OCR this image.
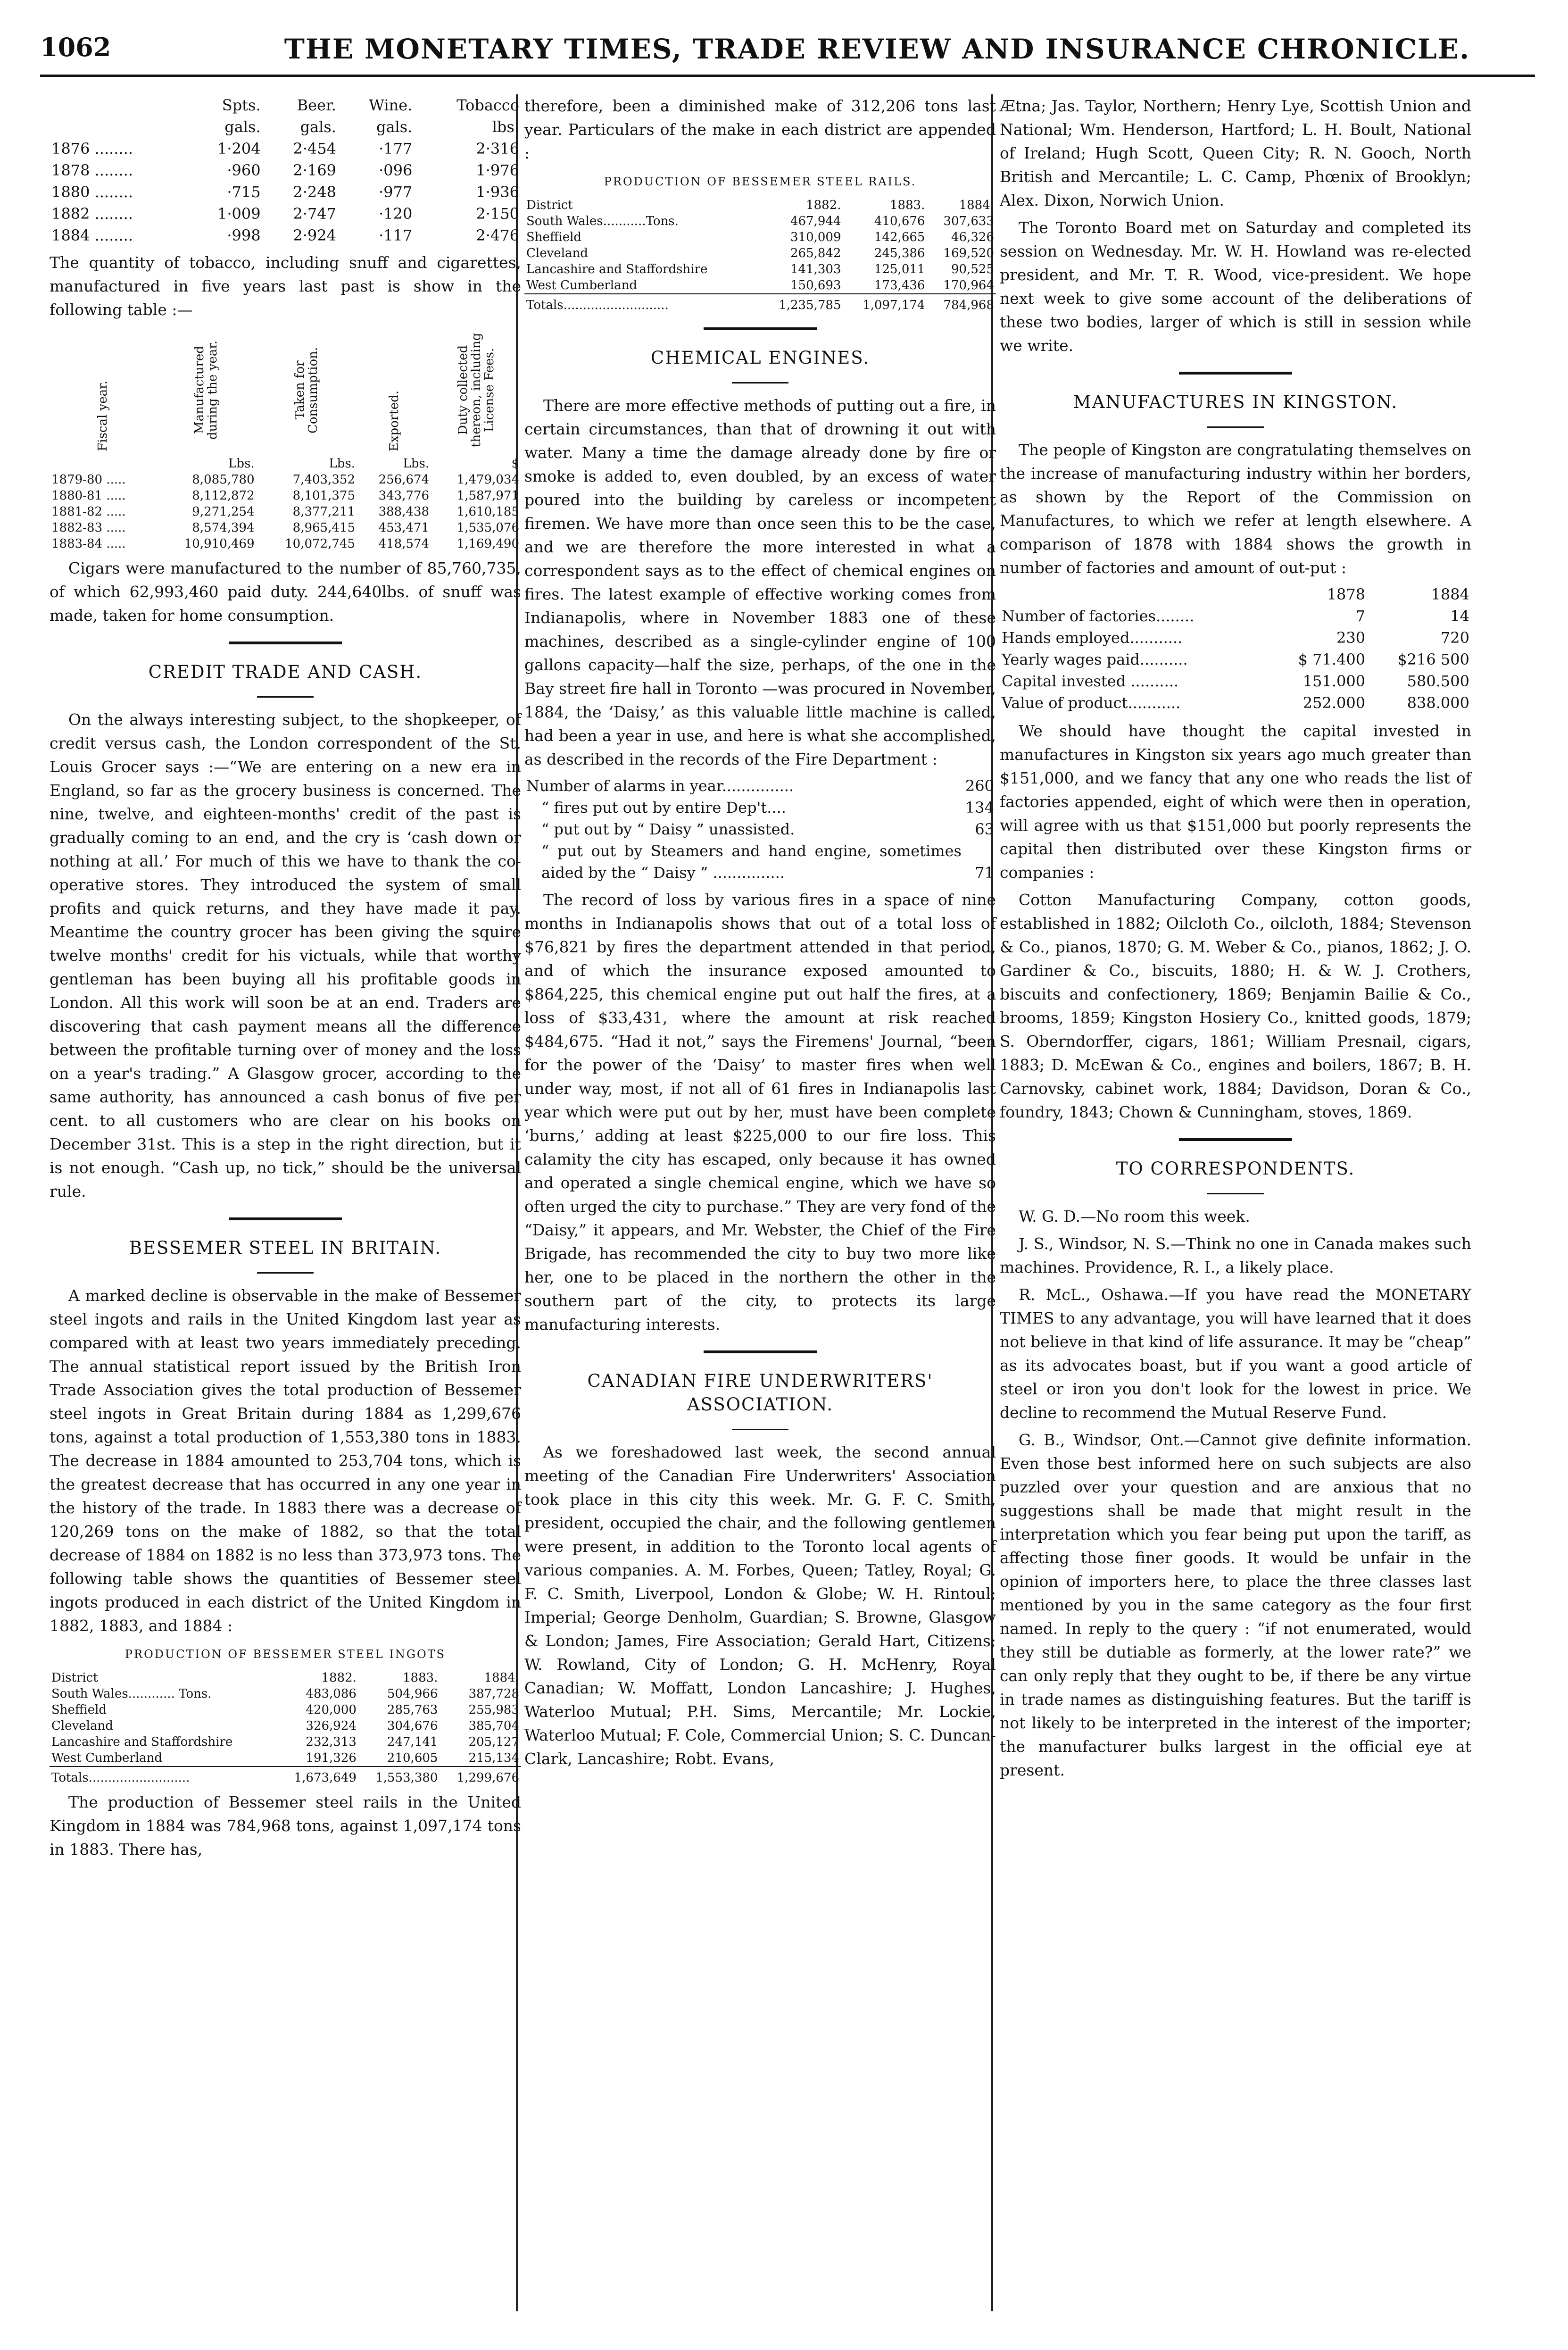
1062	THE MONETARY TIMES, TRADE REVIEW AND INSURANCE CHRONICLE.
	Spts.	Beer.	Wine.	Tobacco
	gals.	gals.	gals.	lbs.
1876 ........	1·204	2·454	·177	2·316
1878 ........	·960	2·169	·096	1·976
1880 ........	·715	2·248	·977	1·936
1882 ........	1·009	2·747	·120	2·150
1884 ........	·998	2·924	·117	2·476

The quantity of tobacco, including snuff and cigarettes, manufactured in five years last past is show in the following table :—

Fiscal year.	Manufactured during the year.	Taken for Consumption.	Exported.	Duty collected thereon, including License Fees.
	Lbs.	Lbs.	Lbs.	$
1879-80 .....	8,085,780	7,403,352	256,674	1,479,034
1880-81 .....	8,112,872	8,101,375	343,776	1,587,971
1881-82 .....	9,271,254	8,377,211	388,438	1,610,185
1882-83 .....	8,574,394	8,965,415	453,471	1,535,076
1883-84 .....	10,910,469	10,072,745	418,574	1,169,490

Cigars were manufactured to the number of 85,760,735, of which 62,993,460 paid duty. 244,640lbs. of snuff was made, taken for home consumption.

CREDIT TRADE AND CASH.

On the always interesting subject, to the shopkeeper, of credit versus cash, the London correspondent of the St. Louis Grocer says :—“We are entering on a new era in England, so far as the grocery business is concerned. The nine, twelve, and eighteen-months' credit of the past is gradually coming to an end, and the cry is ‘cash down or nothing at all.’ For much of this we have to thank the co-operative stores. They introduced the system of small profits and quick returns, and they have made it pay. Meantime the country grocer has been giving the squire twelve months' credit for his victuals, while that worthy gentleman has been buying all his profitable goods in London. All this work will soon be at an end. Traders are discovering that cash payment means all the difference between the profitable turning over of money and the loss on a year's trading.” A Glasgow grocer, according to the same authority, has announced a cash bonus of five per cent. to all customers who are clear on his books on December 31st. This is a step in the right direction, but it is not enough. “Cash up, no tick,” should be the universal rule.

BESSEMER STEEL IN BRITAIN.

A marked decline is observable in the make of Bessemer steel ingots and rails in the United Kingdom last year as compared with at least two years immediately preceding. The annual statistical report issued by the British Iron Trade Association gives the total production of Bessemer steel ingots in Great Britain during 1884 as 1,299,676 tons, against a total production of 1,553,380 tons in 1883. The decrease in 1884 amounted to 253,704 tons, which is the greatest decrease that has occurred in any one year in the history of the trade. In 1883 there was a decrease of 120,269 tons on the make of 1882, so that the total decrease of 1884 on 1882 is no less than 373,973 tons. The following table shows the quantities of Bessemer steel ingots produced in each district of the United Kingdom in 1882, 1883, and 1884 :

PRODUCTION OF BESSEMER STEEL INGOTS
District	1882.	1883.	1884.
South Wales............ Tons.	483,086	504,966	387,728
Sheffield	420,000	285,763	255,983
Cleveland	326,924	304,676	385,704
Lancashire and Staffordshire	232,313	247,141	205,127
West Cumberland	191,326	210,605	215,134
Totals..........................	1,673,649	1,553,380	1,299,676

The production of Bessemer steel rails in the United Kingdom in 1884 was 784,968 tons, against 1,097,174 tons in 1883. There has,

therefore, been a diminished make of 312,206 tons last year. Particulars of the make in each district are appended :

PRODUCTION OF BESSEMER STEEL RAILS.
District	1882.	1883.	1884.
South Wales...........Tons.	467,944	410,676	307,633
Sheffield	310,009	142,665	46,326
Cleveland	265,842	245,386	169,520
Lancashire and Staffordshire	141,303	125,011	90,525
West Cumberland	150,693	173,436	170,964
Totals...........................	1,235,785	1,097,174	784,968
CHEMICAL ENGINES.

There are more effective methods of putting out a fire, in certain circumstances, than that of drowning it out with water. Many a time the damage already done by fire or smoke is added to, even doubled, by an excess of water poured into the building by careless or incompetent firemen. We have more than once seen this to be the case, and we are therefore the more interested in what a correspondent says as to the effect of chemical engines on fires. The latest example of effective working comes from Indianapolis, where in November 1883 one of these machines, described as a single-cylinder engine of 100 gallons capacity—half the size, perhaps, of the one in the Bay street fire hall in Toronto —was procured in November, 1884, the ‘Daisy,’ as this valuable little machine is called, had been a year in use, and here is what she accomplished, as described in the records of the Fire Department :

Number of alarms in year...............	260
“ fires put out by entire Dep't....	134
“ put out by “ Daisy ” unassisted.	63
“ put out by Steamers and hand engine, sometimes aided by the “ Daisy ” ...............	71

The record of loss by various fires in a space of nine months in Indianapolis shows that out of a total loss of $76,821 by fires the department attended in that period, and of which the insurance exposed amounted to $864,225, this chemical engine put out half the fires, at a loss of $33,431, where the amount at risk reached $484,675. “Had it not,” says the Firemens' Journal, “been for the power of the ‘Daisy’ to master fires when well under way, most, if not all of 61 fires in Indianapolis last year which were put out by her, must have been complete ‘burns,’ adding at least $225,000 to our fire loss. This calamity the city has escaped, only because it has owned and operated a single chemical engine, which we have so often urged the city to purchase.” They are very fond of the “Daisy,” it appears, and Mr. Webster, the Chief of the Fire Brigade, has recommended the city to buy two more like her, one to be placed in the northern the other in the southern part of the city, to protects its large manufacturing interests.

CANADIAN FIRE UNDERWRITERS'
ASSOCIATION.

As we foreshadowed last week, the second annual meeting of the Canadian Fire Underwriters' Association took place in this city this week. Mr. G. F. C. Smith, president, occupied the chair, and the following gentlemen were present, in addition to the Toronto local agents of various companies. A. M. Forbes, Queen; Tatley, Royal; G. F. C. Smith, Liverpool, London & Globe; W. H. Rintoul; Imperial; George Denholm, Guardian; S. Browne, Glasgow & London; James, Fire Association; Gerald Hart, Citizens; W. Rowland, City of London; G. H. McHenry, Royal Canadian; W. Moffatt, London Lancashire; J. Hughes, Waterloo Mutual; P.H. Sims, Mercantile; Mr. Lockie, Waterloo Mutual; F. Cole, Commercial Union; S. C. Duncan-Clark, Lancashire; Robt. Evans,

Ætna; Jas. Taylor, Northern; Henry Lye, Scottish Union and National; Wm. Henderson, Hartford; L. H. Boult, National of Ireland; Hugh Scott, Queen City; R. N. Gooch, North British and Mercantile; L. C. Camp, Phœnix of Brooklyn; Alex. Dixon, Norwich Union.

The Toronto Board met on Saturday and completed its session on Wednesday. Mr. W. H. Howland was re-elected president, and Mr. T. R. Wood, vice-president. We hope next week to give some account of the deliberations of these two bodies, larger of which is still in session while we write.

MANUFACTURES IN KINGSTON.

The people of Kingston are congratulating themselves on the increase of manufacturing industry within her borders, as shown by the Report of the Commission on Manufactures, to which we refer at length elsewhere. A comparison of 1878 with 1884 shows the growth in number of factories and amount of out-put :

	1878	1884
Number of factories........	7	14
Hands employed...........	230	720
Yearly wages paid..........	$ 71.400	$216 500
Capital invested ..........	151.000	580.500
Value of product...........	252.000	838.000

We should have thought the capital invested in manufactures in Kingston six years ago much greater than $151,000, and we fancy that any one who reads the list of factories appended, eight of which were then in operation, will agree with us that $151,000 but poorly represents the capital then distributed over these Kingston firms or companies :

Cotton Manufacturing Company, cotton goods, established in 1882; Oilcloth Co., oilcloth, 1884; Stevenson & Co., pianos, 1870; G. M. Weber & Co., pianos, 1862; J. O. Gardiner & Co., biscuits, 1880; H. & W. J. Crothers, biscuits and confectionery, 1869; Benjamin Bailie & Co., brooms, 1859; Kingston Hosiery Co., knitted goods, 1879; S. Oberndorffer, cigars, 1861; William Presnail, cigars, 1883; D. McEwan & Co., engines and boilers, 1867; B. H. Carnovsky, cabinet work, 1884; Davidson, Doran & Co., foundry, 1843; Chown & Cunningham, stoves, 1869.

TO CORRESPONDENTS.

W. G. D.—No room this week.

J. S., Windsor, N. S.—Think no one in Canada makes such machines. Providence, R. I., a likely place.

R. McL., Oshawa.—If you have read the MONETARY TIMES to any advantage, you will have learned that it does not believe in that kind of life assurance. It may be “cheap” as its advocates boast, but if you want a good article of steel or iron you don't look for the lowest in price. We decline to recommend the Mutual Reserve Fund.

G. B., Windsor, Ont.—Cannot give definite information. Even those best informed here on such subjects are also puzzled over your question and are anxious that no suggestions shall be made that might result in the interpretation which you fear being put upon the tariff, as affecting those finer goods. It would be unfair in the opinion of importers here, to place the three classes last mentioned by you in the same category as the four first named. In reply to the query : “if not enumerated, would they still be dutiable as formerly, at the lower rate?” we can only reply that they ought to be, if there be any virtue in trade names as distinguishing features. But the tariff is not likely to be interpreted in the interest of the importer; the manufacturer bulks largest in the official eye at present.
